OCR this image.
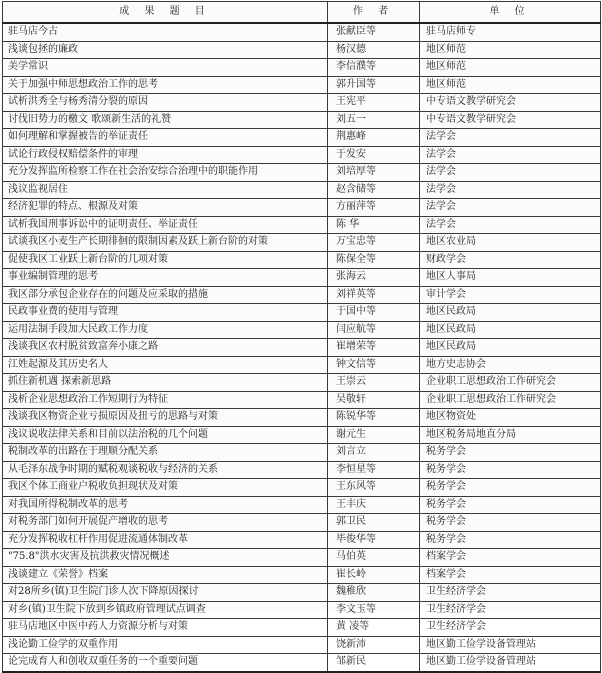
成 果 题 目	作 者	单 位
驻马店今古	张献臣等	驻马店师专
浅谈包拯的廉政	杨汉德	地区师范
美学常识	李信濮等	地区师范
关于加强中师思想政治工作的思考	郭升国等	地区师范
试析洪秀全与杨秀清分裂的原因	王宪平	中专语文教学研究会
讨伐旧势力的檄文 歌颂新生活的礼赞	刘五一	中专语文教学研究会
如何理解和掌握被告的举证责任	荆惠峰	法学会
试论行政侵权赔偿条件的审理	于发安	法学会
充分发挥监所检察工作在社会治安综合治理中的职能作用	刘培厚等	法学会
浅议监视居住	赵含储等	法学会
经济犯罪的特点、根源及对策	方丽萍等	法学会
试析我国刑事诉讼中的证明责任、举证责任	陈 华	法学会
试谈我区小麦生产长期徘徊的限制因素及跃上新台阶的对策	万宝忠等	地区农业局
促使我区工业跃上新台阶的几项对策	陈保全等	财政学会
事业编制管理的思考	张海云	地区人事局
我区部分承包企业存在的问题及应采取的措施	刘祥英等	审计学会
民政事业费的使用与管理	于国中等	地区民政局
运用法制手段加大民政工作力度	闫应航等	地区民政局
浅谈我区农村脱贫致富奔小康之路	崔增荣等	地区民政局
江姓起源及其历史名人	钟文信等	地方史志协会
抓住新机遇 探索新思路	王崇云	企业职工思想政治工作研究会
浅析企业思想政治工作短期行为特征	吴敬轩	企业职工思想政治工作研究会
浅谈我区物资企业亏损原因及扭亏的思路与对策	陈锐华等	地区物资处
浅议说收法律关系和目前以法治税的几个问题	谢元生	地区税务局地直分局
税制改革的出路在于理顺分配关系	刘言立	税务学会
从毛泽东战争时期的赋税观谈税收与经济的关系	李恒星等	税务学会
我区个体工商业户税收负担现状及对策	王东风等	税务学会
对我国所得税制改革的思考	王丰庆	税务学会
对税务部门如何开展促产增收的思考	郭卫民	税务学会
充分发挥税收杠杆作用促进流通体制改革	毕俊华等	税务学会
"75.8"洪水灾害及抗洪救灾情况概述	马伯英	档案学会
浅谈建立《荣誉》档案	崔长岭	档案学会
对28所乡(镇)卫生院门诊人次下降原因探讨	魏稚欣	卫生经济学会
对乡(镇)卫生院下放到乡镇政府管理试点调查	李文玉等	卫生经济学会
驻马店地区中医中药人力资源分析与对策	黄 凌等	卫生经济学会
浅论勤工俭学的双重作用	饶新沛	地区勤工俭学设备管理站
论完成育人和创收双重任务的一个重要问题	邹新民	地区勤工俭学设备管理站
